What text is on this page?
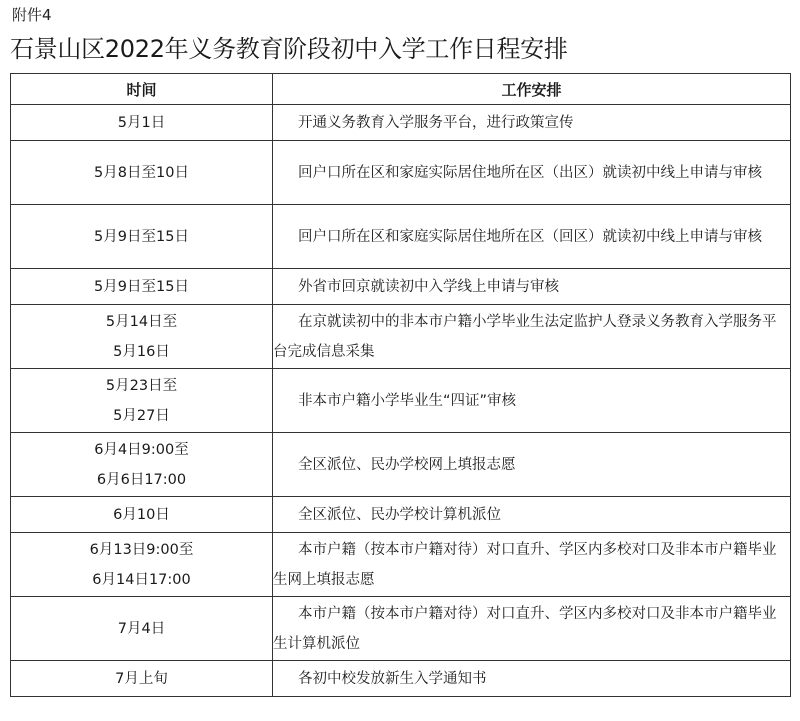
附件4
石景山区2022年义务教育阶段初中入学工作日程安排
时间	工作安排

5月1日	开通义务教育入学服务平台，进行政策宣传

5月8日至10日	回户口所在区和家庭实际居住地所在区（出区）就读初中线上申请与审核

5月9日至15日	回户口所在区和家庭实际居住地所在区（回区）就读初中线上申请与审核

5月9日至15日	外省市回京就读初中入学线上申请与审核

5月14日至
5月16日	在京就读初中的非本市户籍小学毕业生法定监护人登录义务教育入学服务平台完成信息采集

5月23日至
5月27日	非本市户籍小学毕业生“四证”审核

6月4日9:00至
6月6日17:00	全区派位、民办学校网上填报志愿

6月10日	全区派位、民办学校计算机派位

6月13日9:00至
6月14日17:00	本市户籍（按本市户籍对待）对口直升、学区内多校对口及非本市户籍毕业生网上填报志愿

7月4日	本市户籍（按本市户籍对待）对口直升、学区内多校对口及非本市户籍毕业生计算机派位

7月上旬	各初中校发放新生入学通知书
